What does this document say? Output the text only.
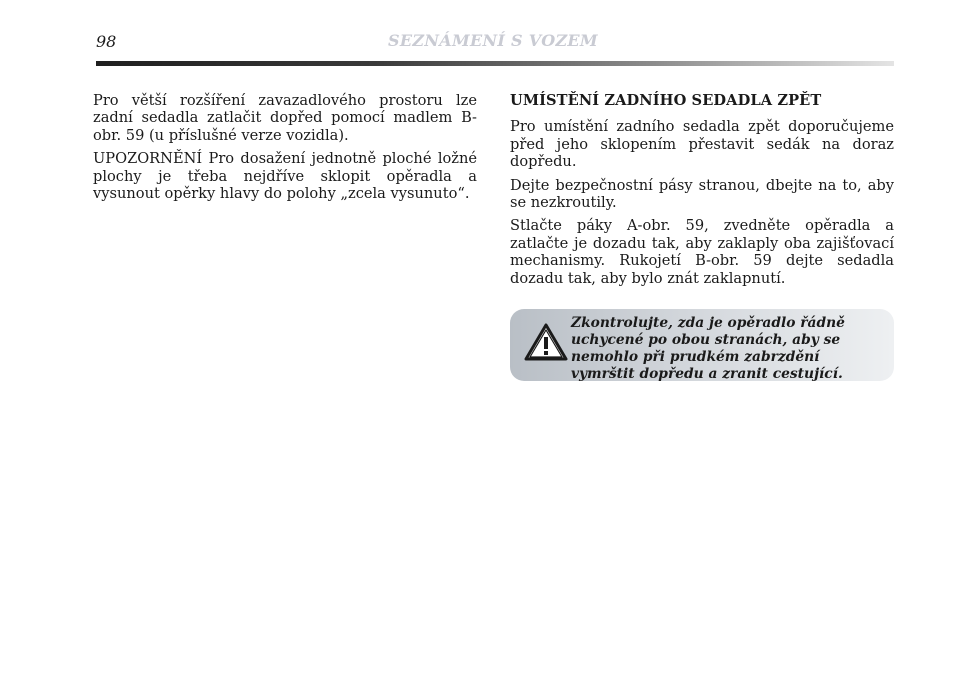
98	SEZNÁMENÍ S VOZEM

Pro větší rozšíření zavazadlového prostoru lze zadní sedadla zatlačit dopřed pomocí madlem B-obr. 59 (u příslušné verze vozidla).

UPOZORNĚNÍ Pro dosažení jednotně ploché ložné plochy je třeba nejdříve sklopit opěradla a vysunout opěrky hlavy do polohy „zcela vysunuto“.

UMÍSTĚNÍ ZADNÍHO SEDADLA ZPĚT

Pro umístění zadního sedadla zpět doporučujeme před jeho sklopením přestavit sedák na doraz dopředu.

Dejte bezpečnostní pásy stranou, dbejte na to, aby se nezkroutily.

Stlačte páky A-obr. 59, zvedněte opěradla a zatlačte je dozadu tak, aby zaklaply oba zajišťovací mechanismy. Rukojetí B-obr. 59 dejte sedadla dozadu tak, aby bylo znát zaklapnutí.

Zkontrolujte, zda je opěradlo řádně uchycené po obou stranách, aby se nemohlo při prudkém zabrzdění vymrštit dopředu a zranit cestující.
